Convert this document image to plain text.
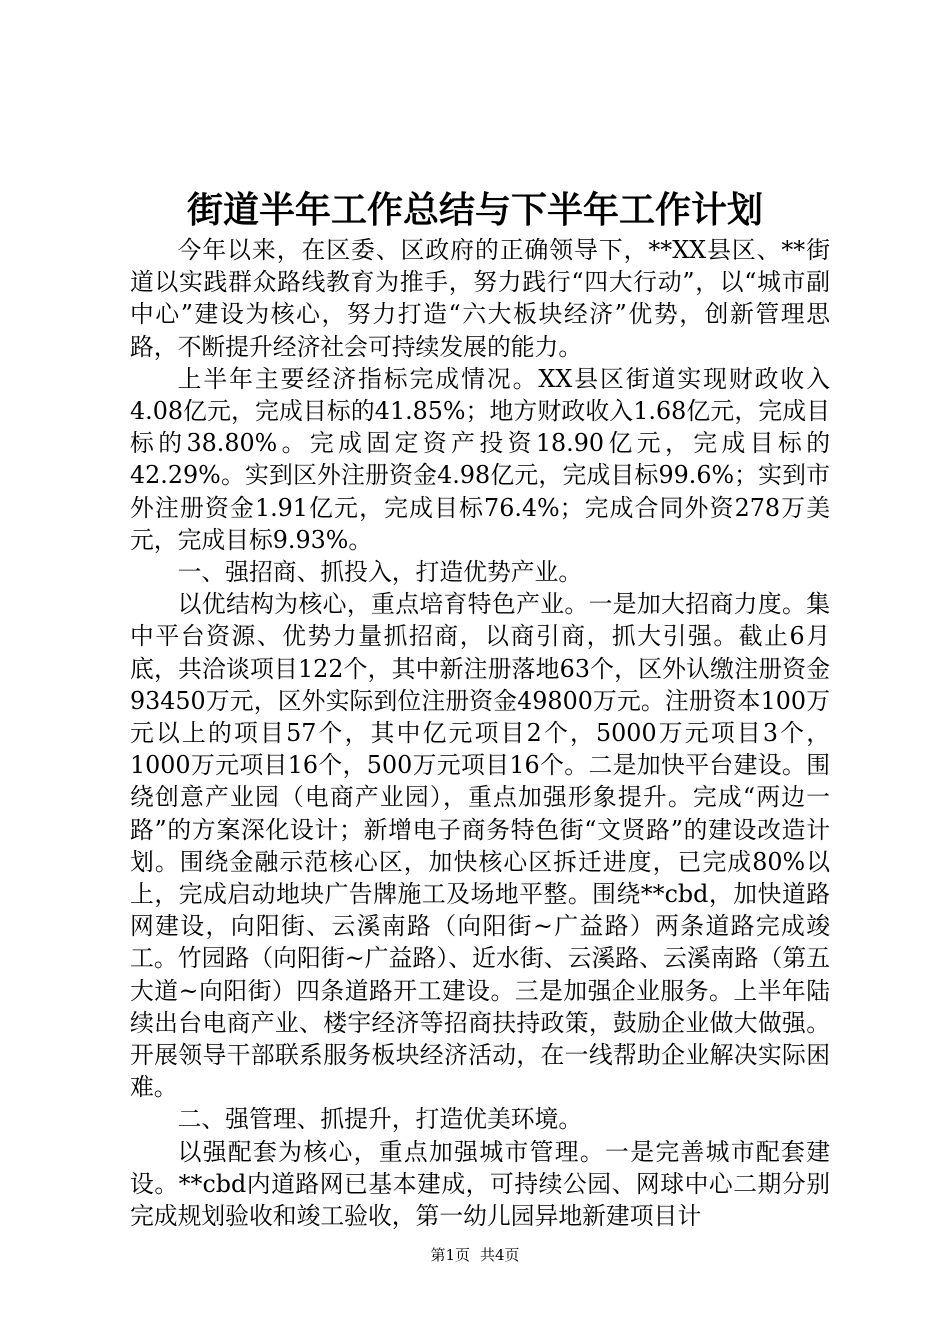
街道半年工作总结与下半年工作计划

今年以来，在区委、区政府的正确领导下，**XX县区、**街道以实践群众路线教育为推手，努力践行“四大行动”，以“城市副中心”建设为核心，努力打造“六大板块经济”优势，创新管理思路，不断提升经济社会可持续发展的能力。

上半年主要经济指标完成情况。XX县区街道实现财政收入4.08亿元，完成目标的41.85%；地方财政收入1.68亿元，完成目标的38.80%。完成固定资产投资18.90亿元，完成目标的42.29%。实到区外注册资金4.98亿元，完成目标99.6%；实到市外注册资金1.91亿元，完成目标76.4%；完成合同外资278万美元，完成目标9.93%。

一、强招商、抓投入，打造优势产业。

以优结构为核心，重点培育特色产业。一是加大招商力度。集中平台资源、优势力量抓招商，以商引商，抓大引强。截止6月底，共洽谈项目122个，其中新注册落地63个，区外认缴注册资金93450万元，区外实际到位注册资金49800万元。注册资本100万元以上的项目57个，其中亿元项目2个，5000万元项目3个，1000万元项目16个，500万元项目16个。二是加快平台建设。围绕创意产业园（电商产业园），重点加强形象提升。完成“两边一路”的方案深化设计；新增电子商务特色街“文贤路”的建设改造计划。围绕金融示范核心区，加快核心区拆迁进度，已完成80%以上，完成启动地块广告牌施工及场地平整。围绕**cbd，加快道路网建设，向阳街、云溪南路（向阳街~广益路）两条道路完成竣工。竹园路（向阳街~广益路）、近水街、云溪路、云溪南路（第五大道~向阳街）四条道路开工建设。三是加强企业服务。上半年陆续出台电商产业、楼宇经济等招商扶持政策，鼓励企业做大做强。开展领导干部联系服务板块经济活动，在一线帮助企业解决实际困难。

二、强管理、抓提升，打造优美环境。

以强配套为核心，重点加强城市管理。一是完善城市配套建设。**cbd内道路网已基本建成，可持续公园、网球中心二期分别完成规划验收和竣工验收，第一幼儿园异地新建项目计

第1页 共4页
